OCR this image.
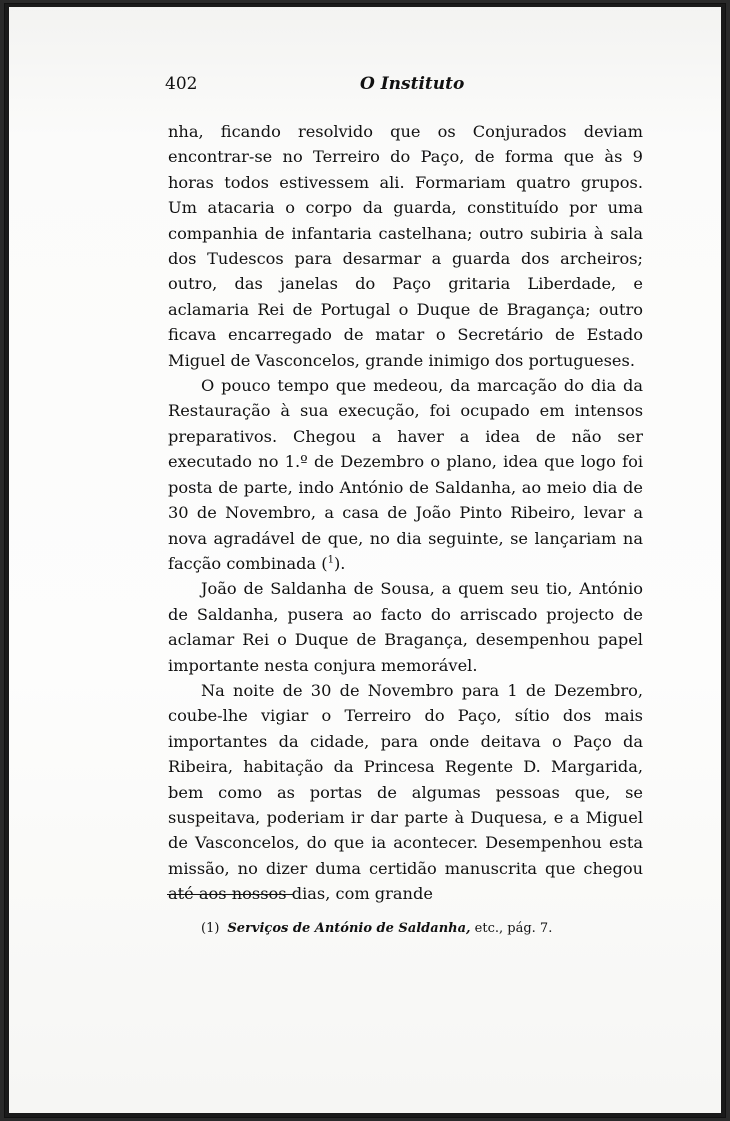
402	O Instituto

nha, ficando resolvido que os Conjurados deviam encontrar-se no Terreiro do Paço, de forma que às 9 horas todos estivessem ali. Formariam quatro grupos. Um atacaria o corpo da guarda, constituído por uma companhia de infantaria castelhana; outro subiria à sala dos Tudescos para desarmar a guarda dos archeiros; outro, das janelas do Paço gritaria Liberdade, e aclamaria Rei de Portugal o Duque de Bragança; outro ficava encarregado de matar o Secretário de Estado Miguel de Vasconcelos, grande inimigo dos portugueses.

O pouco tempo que medeou, da marcação do dia da Restauração à sua execução, foi ocupado em intensos preparativos. Chegou a haver a idea de não ser executado no 1.º de Dezembro o plano, idea que logo foi posta de parte, indo António de Saldanha, ao meio dia de 30 de Novembro, a casa de João Pinto Ribeiro, levar a nova agradável de que, no dia seguinte, se lançariam na facção combinada ($^1$).

João de Saldanha de Sousa, a quem seu tio, António de Saldanha, pusera ao facto do arriscado projecto de aclamar Rei o Duque de Bragança, desempenhou papel importante nesta conjura memorável.

Na noite de 30 de Novembro para 1 de Dezembro, coube-lhe vigiar o Terreiro do Paço, sítio dos mais importantes da cidade, para onde deitava o Paço da Ribeira, habitação da Princesa Regente D. Margarida, bem como as portas de algumas pessoas que, se suspeitava, poderiam ir dar parte à Duquesa, e a Miguel de Vasconcelos, do que ia acontecer. Desempenhou esta missão, no dizer duma certidão manuscrita que chegou até aos nossos dias, com grande

(1) Serviços de António de Saldanha, etc., pág. 7.
